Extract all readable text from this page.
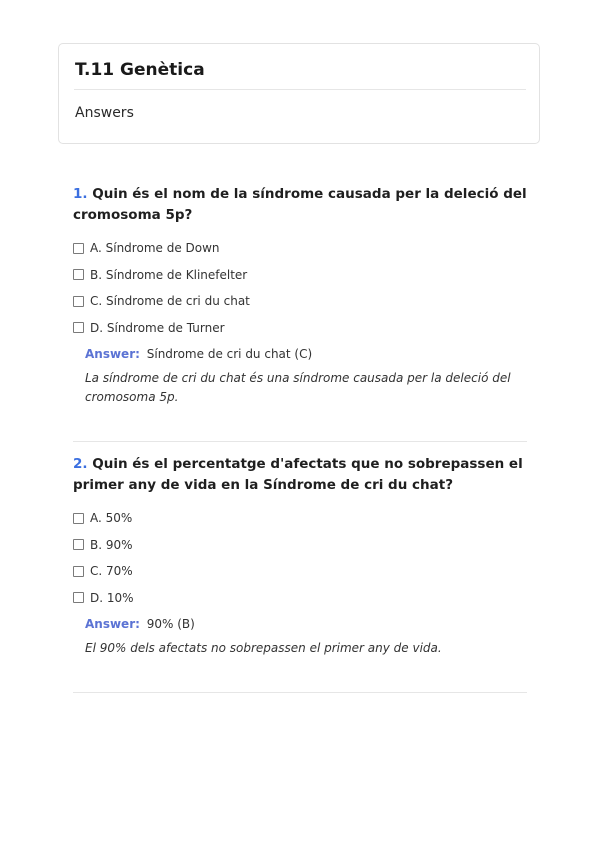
T.11 Genètica
Answers

1. Quin és el nom de la síndrome causada per la deleció del cromosoma 5p?

A. Síndrome de Down
B. Síndrome de Klinefelter
C. Síndrome de cri du chat
D. Síndrome de Turner
Answer: Síndrome de cri du chat (C)
La síndrome de cri du chat és una síndrome causada per la deleció del cromosoma 5p.

2. Quin és el percentatge d'afectats que no sobrepassen el primer any de vida en la Síndrome de cri du chat?

A. 50%
B. 90%
C. 70%
D. 10%
Answer: 90% (B)
El 90% dels afectats no sobrepassen el primer any de vida.
